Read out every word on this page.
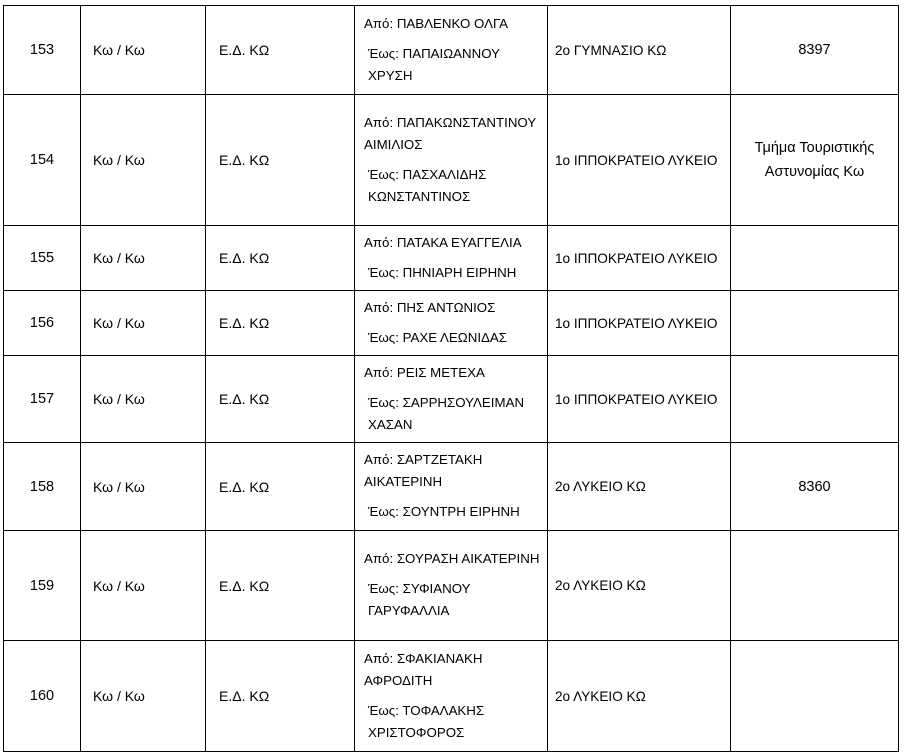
153	Κω / Κω	Ε.Δ. ΚΩ	Από: ΠΑΒΛΕΝΚΟ ΟΛΓΑ
Έως: ΠΑΠΑΙΩΑΝΝΟΥ ΧΡΥΣΗ	2ο ΓΥΜΝΑΣΙΟ ΚΩ	8397
154	Κω / Κω	Ε.Δ. ΚΩ	Από: ΠΑΠΑΚΩΝΣΤΑΝΤΙΝΟΥ ΑΙΜΙΛΙΟΣ
Έως: ΠΑΣΧΑΛΙΔΗΣ ΚΩΝΣΤΑΝΤΙΝΟΣ	1ο ΙΠΠΟΚΡΑΤΕΙΟ ΛΥΚΕΙΟ	Τμήμα Τουριστικής Αστυνομίας Κω
155	Κω / Κω	Ε.Δ. ΚΩ	Από: ΠΑΤΑΚΑ ΕΥΑΓΓΕΛΙΑ
Έως: ΠΗΝΙΑΡΗ ΕΙΡΗΝΗ	1ο ΙΠΠΟΚΡΑΤΕΙΟ ΛΥΚΕΙΟ	
156	Κω / Κω	Ε.Δ. ΚΩ	Από: ΠΗΣ ΑΝΤΩΝΙΟΣ
Έως: ΡΑΧΕ ΛΕΩΝΙΔΑΣ	1ο ΙΠΠΟΚΡΑΤΕΙΟ ΛΥΚΕΙΟ	
157	Κω / Κω	Ε.Δ. ΚΩ	Από: ΡΕΙΣ ΜΕΤΕΧΑ
Έως: ΣΑΡΡΗΣΟΥΛΕΙΜΑΝ ΧΑΣΑΝ	1ο ΙΠΠΟΚΡΑΤΕΙΟ ΛΥΚΕΙΟ	
158	Κω / Κω	Ε.Δ. ΚΩ	Από: ΣΑΡΤΖΕΤΑΚΗ ΑΙΚΑΤΕΡΙΝΗ
Έως: ΣΟΥΝΤΡΗ ΕΙΡΗΝΗ	2ο ΛΥΚΕΙΟ ΚΩ	8360
159	Κω / Κω	Ε.Δ. ΚΩ	Από: ΣΟΥΡΑΣΗ ΑΙΚΑΤΕΡΙΝΗ
Έως: ΣΥΦΙΑΝΟΥ ΓΑΡΥΦΑΛΛΙΑ	2ο ΛΥΚΕΙΟ ΚΩ	
160	Κω / Κω	Ε.Δ. ΚΩ	Από: ΣΦΑΚΙΑΝΑΚΗ ΑΦΡΟΔΙΤΗ
Έως: ΤΟΦΑΛΑΚΗΣ ΧΡΙΣΤΟΦΟΡΟΣ	2ο ΛΥΚΕΙΟ ΚΩ	
